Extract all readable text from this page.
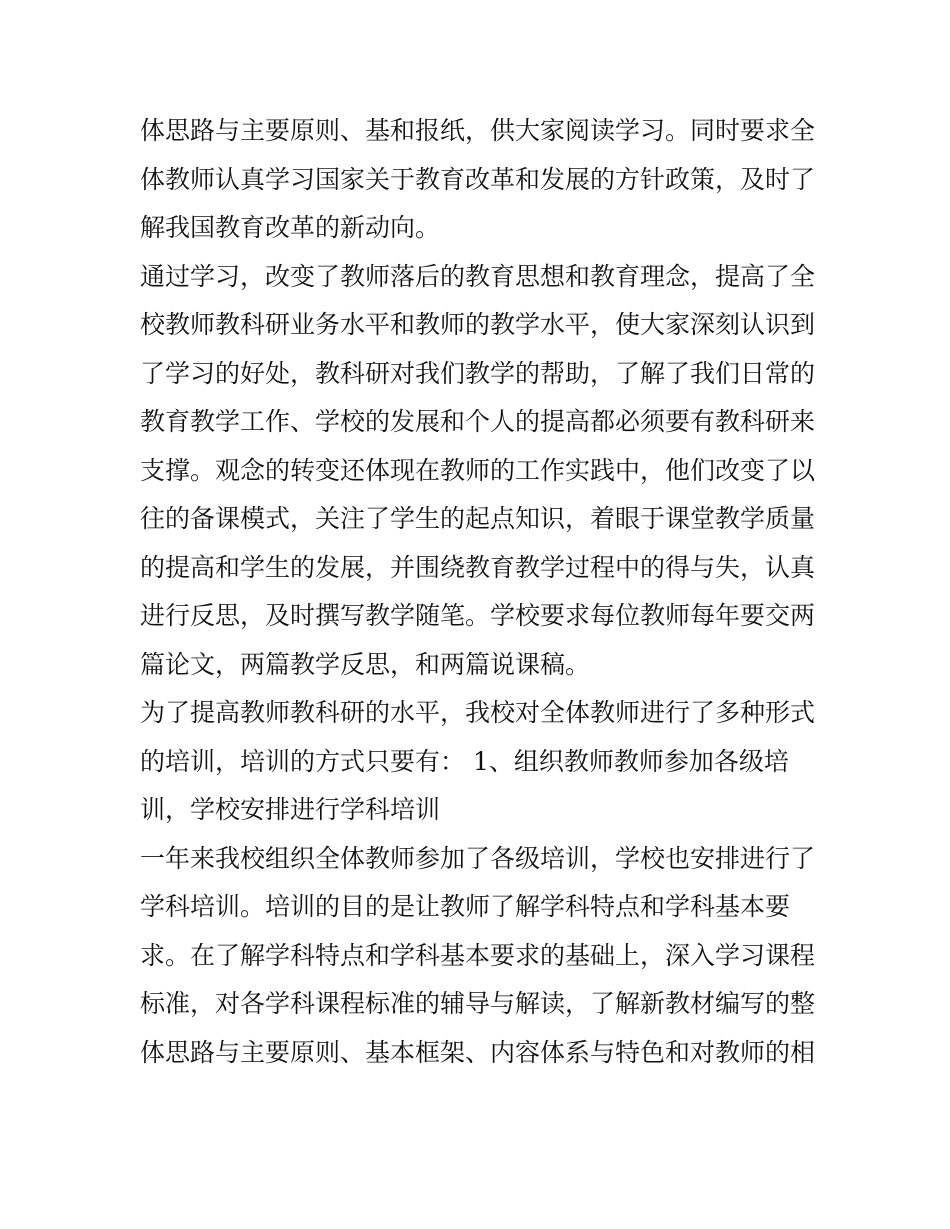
体思路与主要原则、基和报纸，供大家阅读学习。同时要求全
体教师认真学习国家关于教育改革和发展的方针政策，及时了
解我国教育改革的新动向。
通过学习，改变了教师落后的教育思想和教育理念，提高了全
校教师教科研业务水平和教师的教学水平，使大家深刻认识到
了学习的好处，教科研对我们教学的帮助，了解了我们日常的
教育教学工作、学校的发展和个人的提高都必须要有教科研来
支撑。观念的转变还体现在教师的工作实践中，他们改变了以
往的备课模式，关注了学生的起点知识，着眼于课堂教学质量
的提高和学生的发展，并围绕教育教学过程中的得与失，认真
进行反思，及时撰写教学随笔。学校要求每位教师每年要交两
篇论文，两篇教学反思，和两篇说课稿。
为了提高教师教科研的水平，我校对全体教师进行了多种形式
的培训，培训的方式只要有： 1、组织教师教师参加各级培
训，学校安排进行学科培训
一年来我校组织全体教师参加了各级培训，学校也安排进行了
学科培训。培训的目的是让教师了解学科特点和学科基本要
求。在了解学科特点和学科基本要求的基础上，深入学习课程
标准，对各学科课程标准的辅导与解读，了解新教材编写的整
体思路与主要原则、基本框架、内容体系与特色和对教师的相
